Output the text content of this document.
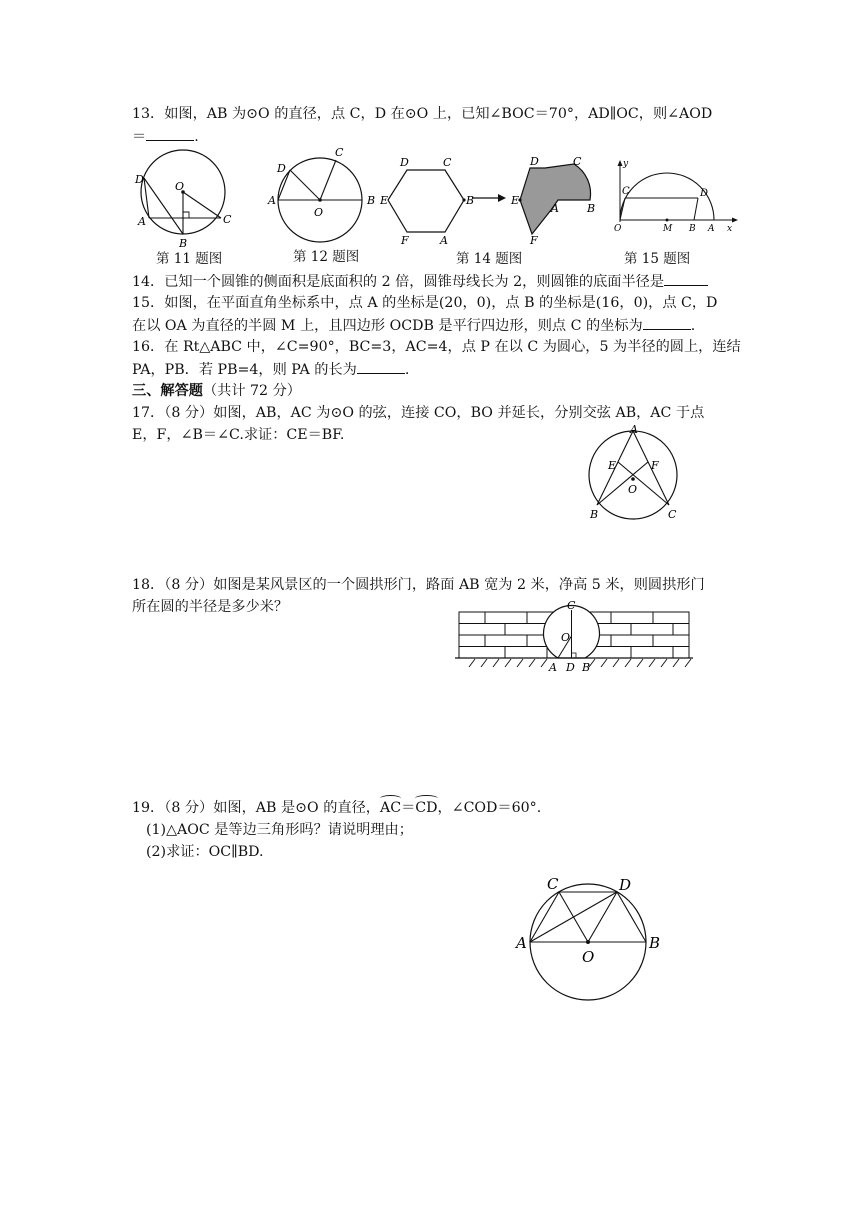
13．如图，AB 为⊙O 的直径，点 C，D 在⊙O 上，已知∠BOC＝70°，AD∥OC，则∠AOD
＝	.
D
O
A	C
B
第 11 题图
D
C
A
O
B
第 12 题图
D	C
E	B
F	A
D	C
E
B
A
F
第 14 题图
y
C	D
O	M B A x
第 15 题图
14．已知一个圆锥的侧面积是底面积的 2 倍，圆锥母线长为 2，则圆锥的底面半径是
15．如图，在平面直角坐标系中，点 A 的坐标是(20，0)，点 B 的坐标是(16，0)，点 C，D
在以 OA 为直径的半圆 M 上，且四边形 OCDB 是平行四边形，则点 C 的坐标为	.
16．在 Rt△ABC 中，∠C=90°，BC=3，AC=4，点 P 在以 C 为圆心，5 为半径的圆上，连结
PA，PB．若 PB=4，则 PA 的长为	.
三、解答题（共计 72 分）
17．（8 分）如图，AB，AC 为⊙O 的弦，连接 CO，BO 并延长，分别交弦 AB，AC 于点
E，F，∠B＝∠C.求证：CE＝BF.	A
E	F
O
B	C
18．（8 分）如图是某风景区的一个圆拱形门，路面 AB 宽为 2 米，净高 5 米，则圆拱形门
所在圆的半径是多少米？	C
O
A D B
19．（8 分）如图，AB 是⊙O 的直径，
AC＝
CD，∠COD＝60°.
(1)△AOC 是等边三角形吗？请说明理由；
(2)求证：OC∥BD.
C	D
A
O
B
